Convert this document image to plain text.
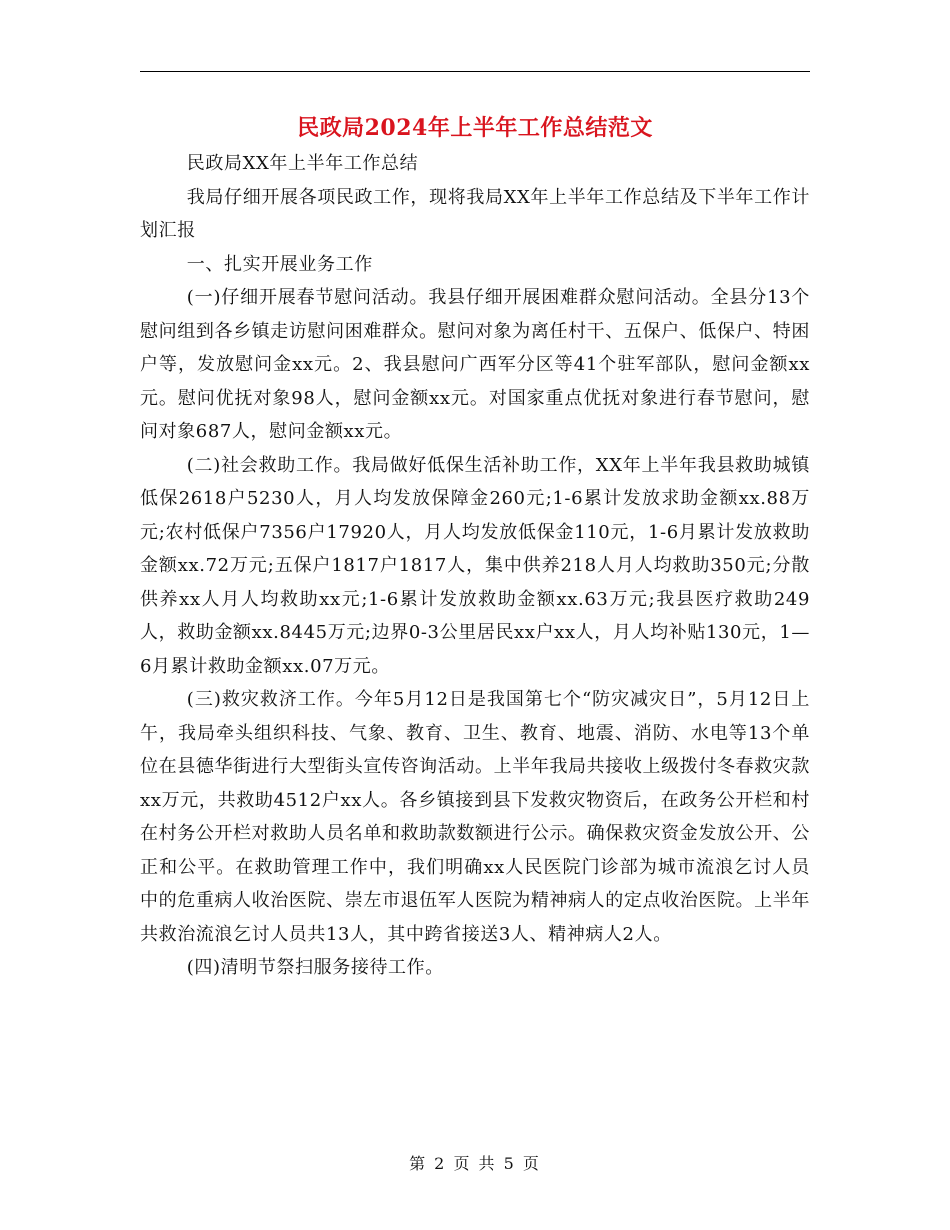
民政局2024年上半年工作总结范文

民政局XX年上半年工作总结

我局仔细开展各项民政工作，现将我局XX年上半年工作总结及下半年工作计划汇报

一、扎实开展业务工作

(一)仔细开展春节慰问活动。我县仔细开展困难群众慰问活动。全县分13个慰问组到各乡镇走访慰问困难群众。慰问对象为离任村干、五保户、低保户、特困户等，发放慰问金xx元。2、我县慰问广西军分区等41个驻军部队，慰问金额xx元。慰问优抚对象98人，慰问金额xx元。对国家重点优抚对象进行春节慰问，慰问对象687人，慰问金额xx元。

(二)社会救助工作。我局做好低保生活补助工作，XX年上半年我县救助城镇低保2618户5230人，月人均发放保障金260元;1-6累计发放求助金额xx.88万元;农村低保户7356户17920人，月人均发放低保金110元，1-6月累计发放救助金额xx.72万元;五保户1817户1817人，集中供养218人月人均救助350元;分散供养xx人月人均救助xx元;1-6累计发放救助金额xx.63万元;我县医疗救助249人，救助金额xx.8445万元;边界0-3公里居民xx户xx人，月人均补贴130元，1—6月累计救助金额xx.07万元。

(三)救灾救济工作。今年5月12日是我国第七个“防灾减灾日”，5月12日上午，我局牵头组织科技、气象、教育、卫生、教育、地震、消防、水电等13个单位在县德华街进行大型街头宣传咨询活动。上半年我局共接收上级拨付冬春救灾款xx万元，共救助4512户xx人。各乡镇接到县下发救灾物资后，在政务公开栏和村在村务公开栏对救助人员名单和救助款数额进行公示。确保救灾资金发放公开、公正和公平。在救助管理工作中，我们明确xx人民医院门诊部为城市流浪乞讨人员中的危重病人收治医院、崇左市退伍军人医院为精神病人的定点收治医院。上半年共救治流浪乞讨人员共13人，其中跨省接送3人、精神病人2人。

(四)清明节祭扫服务接待工作。

第 2 页 共 5 页
